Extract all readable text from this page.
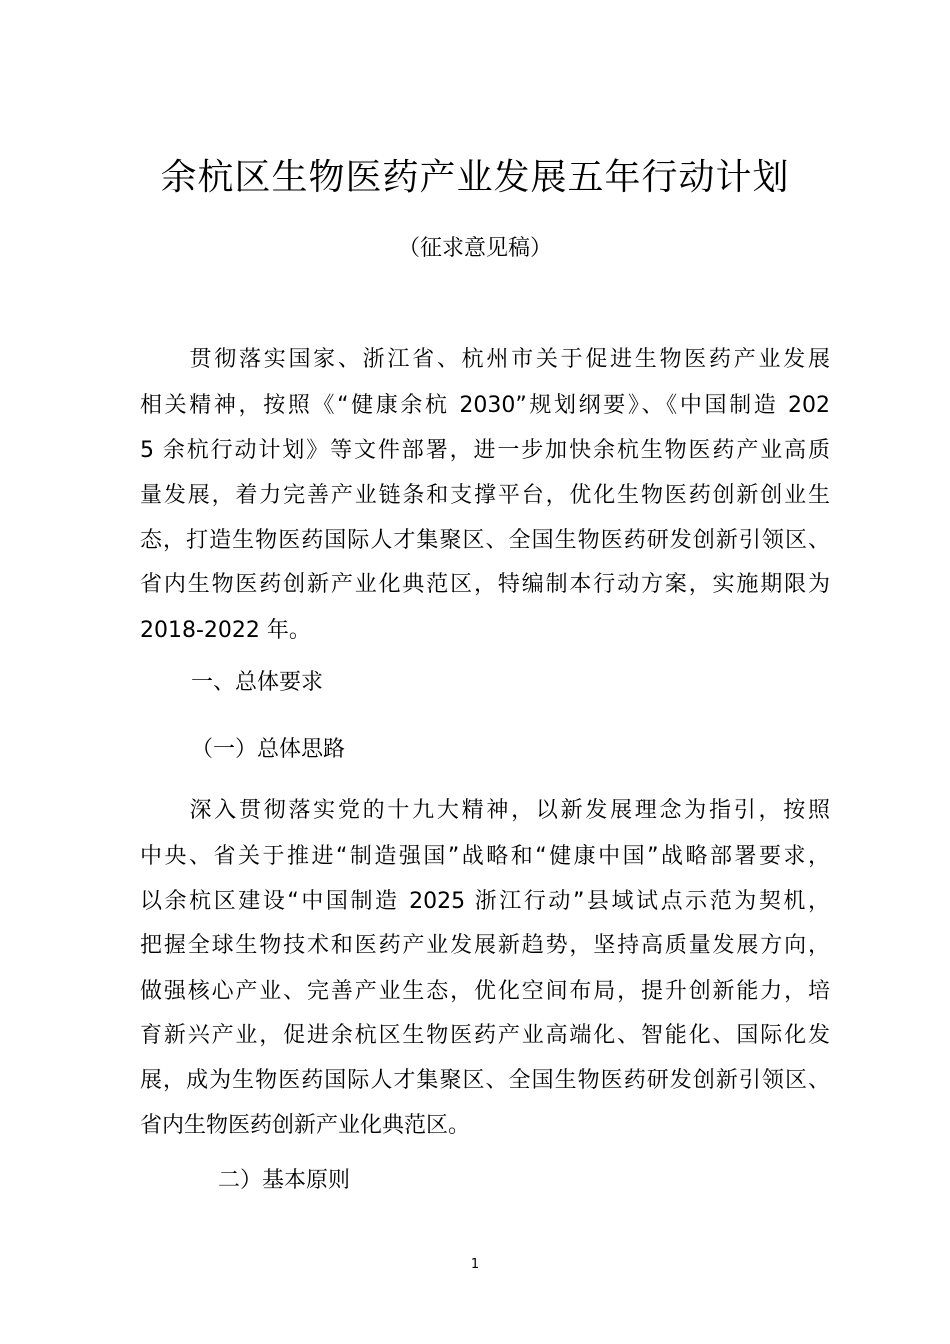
余杭区生物医药产业发展五年行动计划
（征求意见稿）
　　贯彻落实国家、浙江省、杭州市关于促进生物医药产业发展
相关精神，按照《“健康余杭 2030”规划纲要》、《中国制造 202
5 余杭行动计划》等文件部署，进一步加快余杭生物医药产业高质
量发展，着力完善产业链条和支撑平台，优化生物医药创新创业生
态，打造生物医药国际人才集聚区、全国生物医药研发创新引领区、
省内生物医药创新产业化典范区，特编制本行动方案，实施期限为
2018-2022 年。
一、总体要求
（一）总体思路
　　深入贯彻落实党的十九大精神，以新发展理念为指引，按照
中央、省关于推进“制造强国”战略和“健康中国”战略部署要求，
以余杭区建设“中国制造 2025 浙江行动”县域试点示范为契机，
把握全球生物技术和医药产业发展新趋势，坚持高质量发展方向，
做强核心产业、完善产业生态，优化空间布局，提升创新能力，培
育新兴产业，促进余杭区生物医药产业高端化、智能化、国际化发
展，成为生物医药国际人才集聚区、全国生物医药研发创新引领区、
省内生物医药创新产业化典范区。
二）基本原则
1
